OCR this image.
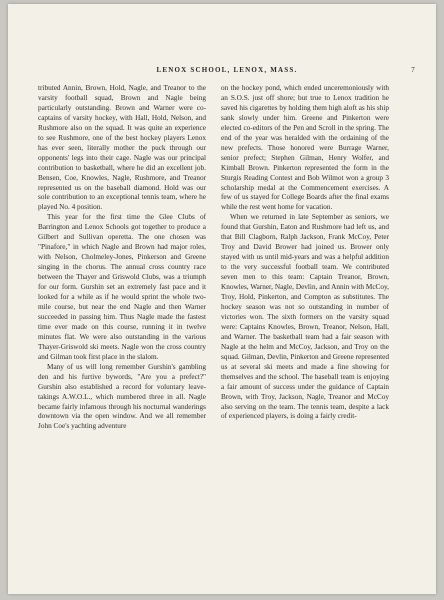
LENOX SCHOOL, LENOX, MASS.	7

tributed Annin, Brown, Hold, Nagle, and Treanor to the varsity football squad, Brown and Nagle being particularly outstanding. Brown and Warner were co-captains of varsity hockey, with Hall, Hold, Nelson, and Rushmore also on the squad. It was quite an experience to see Rushmore, one of the best hockey players Lenox has ever seen, literally mother the puck through our opponents' legs into their cage. Nagle was our principal contribution to basketball, where he did an excellent job. Bensen, Coe, Knowles, Nagle, Rushmore, and Treanor represented us on the baseball diamond. Hold was our sole contribution to an exceptional tennis team, where he played No. 4 position.

This year for the first time the Glee Clubs of Barrington and Lenox Schools got together to produce a Gilbert and Sullivan operetta. The one chosen was "Pinafore," in which Nagle and Brown had major roles, with Nelson, Cholmeley-Jones, Pinkerson and Greene singing in the chorus. The annual cross country race between the Thayer and Griswold Clubs, was a triumph for our form. Gurshin set an extremely fast pace and it looked for a while as if he would sprint the whole two-mile course, but near the end Nagle and then Warner succeeded in passing him. Thus Nagle made the fastest time ever made on this course, running it in twelve minutes flat. We were also outstanding in the various Thayer-Griswold ski meets. Nagle won the cross country and Gilman took first place in the slalom.

Many of us will long remember Gurshin's gambling den and his furtive bywords, "Are you a prefect?" Gurshin also established a record for voluntary leave-takings A.W.O.L., which numbered three in all. Nagle became fairly infamous through his nocturnal wanderings downtown via the open window. And we all remember John Coe's yachting adventure

on the hockey pond, which ended unceremoniously with an S.O.S. just off shore; but true to Lenox tradition he saved his cigarettes by holding them high aloft as his ship sank slowly under him. Greene and Pinkerton were elected co-editors of the Pen and Scroll in the spring. The end of the year was heralded with the ordaining of the new prefects. Those honored were Burrage Warner, senior prefect; Stephen Gilman, Henry Wolfer, and Kimball Brown. Pinkerton represented the form in the Sturgis Reading Contest and Bob Wilmot won a group 3 scholarship medal at the Commencement exercises. A few of us stayed for College Boards after the final exams while the rest went home for vacation.

When we returned in late September as seniors, we found that Gurshin, Eaton and Rushmore had left us, and that Bill Clagborn, Ralph Jackson, Frank McCoy, Peter Troy and David Brower had joined us. Brower only stayed with us until mid-years and was a helpful addition to the very successful football team. We contributed seven men to this team: Captain Treanor, Brown, Knowles, Warner, Nagle, Devlin, and Annin with McCoy, Troy, Hold, Pinkerton, and Compton as substitutes. The hockey season was not so outstanding in number of victories won. The sixth formers on the varsity squad were: Captains Knowles, Brown, Treanor, Nelson, Hall, and Warner. The basketball team had a fair season with Nagle at the helm and McCoy, Jackson, and Troy on the squad. Gilman, Devlin, Pinkerton and Greene represented us at several ski meets and made a fine showing for themselves and the school. The baseball team is enjoying a fair amount of success under the guidance of Captain Brown, with Troy, Jackson, Nagle, Treanor and McCoy also serving on the team. The tennis team, despite a lack of experienced players, is doing a fairly credit-
